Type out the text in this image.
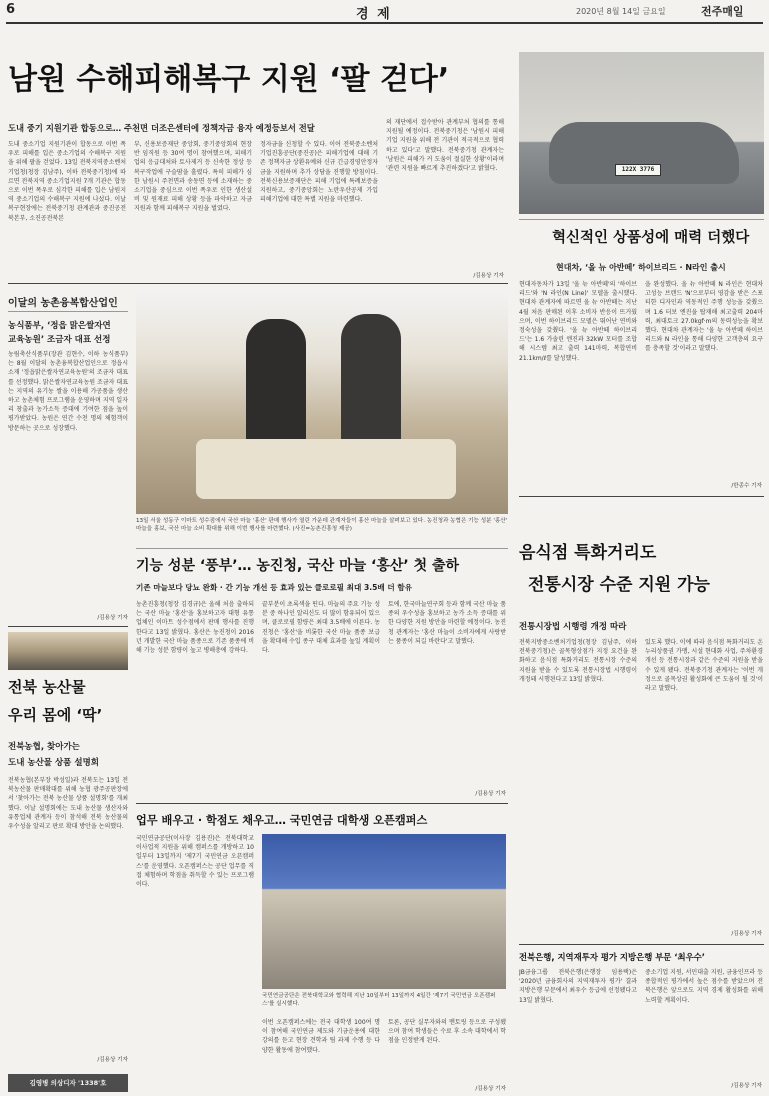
6	경 제	2020년 8월 14일 금요일	전주매일
남원 수해피해복구 지원 ‘팔 걷다’
도내 중기 지원기관 합동으로… 주천면 더조은센터에 정책자금 융자 예정등보서 전달

도내 중소기업 지원기관이 합동으로 이번 폭우로 피해를 입은 중소기업의 수해복구 지원을 위해 팔을 걷었다. 13일 전북지역중소벤처기업청(청장 김남주), 이하 전북중기청)에 따르면 전북지역 중소기업지원 7개 기관은 합동으로 이번 폭우로 심각한 피해를 입은 남원지역 중소기업의 수해복구 지원에 나섰다. 이날 복구현장에는 전북중기청 관계관과 중진공전북본부, 소진공전북본

부, 신용보증재단 중앙회, 중기중앙회의 현장반 임직원 등 30여 명이 참여했으며, 피해기업의 응급대처와 토사제거 등 신속한 정상 등 복구작업에 구슬땀을 흘렸다. 특히 피해가 심한 남원시 주천면과 송동면 등에 소재하는 중소기업을 중심으로 이번 폭우로 인한 생산설비 및 원재료 피해 상황 등을 파악하고 자금 지원과 함께 피해복구 지원을 벌였다.

정자금을 신청할 수 있다. 이어 전북중소벤처기업진흥공단(중진공)은 피해기업에 대해 기존 정책자금 상환유예와 신규 긴급경영안정자금을 지원하며 추가 상담을 진행할 방침이다. 전북신용보증재단은 피해 기업에 특례보증을 지원하고, 중기중앙회는 노란우산공제 가입 피해기업에 대한 특별 지원을 마련했다.

의 재단에서 접수받아 관계부처 협의를 통해 지원될 예정이다. 전북중기청은 '남원시 피해기업 지원을 위해 전 기관이 적극적으로 협력하고 있다'고 말했다. 전북중기청 관계자는 '남원은 피해가 커 도움이 절실한 상황'이라며 '관련 지원을 빠르게 추진하겠다'고 밝혔다.

/김용상 기자
122X 3776
혁신적인 상품성에 매력 더했다
현대차, ‘올 뉴 아반떼’ 하이브리드 · N라인 출시

현대자동차가 13일 '올 뉴 아반떼'의 '하이브리드'와 'N 라인(N Line)' 모델을 출시했다. 현대차 관계자에 따르면 올 뉴 아반떼는 지난 4월 처음 판매된 이후 소비자 반응이 뜨거웠으며, 이번 하이브리드 모델은 뛰어난 연비와 정숙성을 갖췄다. '올 뉴 아반떼 하이브리드'는 1.6 가솔린 엔진과 32kW 모터를 조합해 시스템 최고 출력 141마력, 복합연비 21.1km/ℓ를 달성했다.

을 완성했다. 올 뉴 아반떼 N 라인은 현대차 고성능 브랜드 'N'으로부터 영감을 받은 스포티한 디자인과 역동적인 주행 성능을 갖췄으며 1.6 터보 엔진을 탑재해 최고출력 204마력, 최대토크 27.0kgf·m의 동력성능을 확보했다. 현대차 관계자는 '올 뉴 아반떼 하이브리드와 N 라인을 통해 다양한 고객층의 요구를 충족할 것'이라고 말했다.

/한종수 기자
이달의 농촌융복합산업인
농식품부, ‘정읍 맑은쌀자연
교육농원’ 조금자 대표 선정

농림축산식품부(장관 김현수, 이하 농식품부)는 8월 이달의 농촌융복합산업인으로 정읍시 소재 '정읍맑은쌀자연교육농원'의 조금자 대표를 선정했다. 맑은쌀자연교육농원 조금자 대표는 지역의 유기농 쌀을 이용해 가공품을 생산하고 농촌체험 프로그램을 운영하며 지역 일자리 창출과 농가소득 증대에 기여한 점을 높이 평가받았다. 농원은 연간 수천 명의 체험객이 방문하는 곳으로 성장했다.

/김용상 기자
13일 서울 성동구 이마트 성수점에서 국산 마늘 '홍산' 판매 행사가 열린 가운데 관계자들이 홍산 마늘을 살펴보고 있다. 농진청과 농협은 기능 성분 '홍산' 마늘을 홍보, 국산 마늘 소비 확대를 위해 이번 행사를 마련했다. (사진=농촌진흥청 제공)
기능 성분 ‘풍부’… 농진청, 국산 마늘 ‘홍산’ 첫 출하
기존 마늘보다 당뇨 완화 · 간 기능 개선 등 효과 있는 클로로필 최대 3.5배 더 함유

농촌진흥청(청장 김경규)은 올해 처음 출하되는 국산 마늘 '홍산'을 홍보하고자 대형 유통업체인 이마트 성수점에서 판매 행사를 진행한다고 13일 밝혔다. 홍산은 농진청이 2016년 개발한 국산 마늘 품종으로 기존 품종에 비해 기능 성분 함량이 높고 병해충에 강하다.

끝부분이 초록색을 띤다. 마늘의 주요 기능 성분 중 하나인 알리신도 더 많이 함유되어 있으며, 클로로필 함량은 최대 3.5배에 이른다. 농진청은 '홍산'을 비롯한 국산 마늘 품종 보급을 확대해 수입 종구 대체 효과를 높일 계획이다.

토에, 한국마늘연구회 등과 함께 국산 마늘 품종의 우수성을 홍보하고 농가 소득 증대를 위한 다양한 지원 방안을 마련할 예정이다. 농진청 관계자는 '홍산 마늘이 소비자에게 사랑받는 품종이 되길 바란다'고 말했다.

/김용상 기자
전북 농산물
우리 몸에 ‘딱’
전북농협, 찾아가는
도내 농산물 상품 설명회

전북농협(본부장 박성일)과 전북도는 13일 전북농산물 판매확대를 위해 농협 광주공판장에서 '찾아가는 전북 농산물 상품 설명회'를 개최했다. 이날 설명회에는 도내 농산물 생산자와 유통업체 관계자 등이 참석해 전북 농산물의 우수성을 알리고 판로 확대 방안을 논의했다.

/김용상 기자
김영병 의상디자 '1338'호
업무 배우고 · 학점도 채우고… 국민연금 대학생 오픈캠퍼스

국민연금공단(이사장 김용진)은 전북대학교 이사업적 지원을 위해 캠퍼스를 개방하고 10일부터 13일까지 '제7기 국민연금 오픈캠퍼스'를 운영했다. 오픈캠퍼스는 공단 업무를 직접 체험하며 학점을 취득할 수 있는 프로그램이다.

국민연금공단은 전북대학교와 협력해 지난 10일부터 13일까지 4일간 '제7기 국민연금 오픈캠퍼스'를 실시했다.

이번 오픈캠퍼스에는 전국 대학생 100여 명이 참여해 국민연금 제도와 기금운용에 대한 강의를 듣고 현장 견학과 팀 과제 수행 등 다양한 활동에 참여했다.

토론, 공단 실무자와의 멘토링 등으로 구성됐으며 참여 학생들은 수료 후 소속 대학에서 학점을 인정받게 된다.

/김용상 기자
음식점 특화거리도
전통시장 수준 지원 가능
전통시장법 시행령 개정 따라

전북지방중소벤처기업청(청장 김남주, 이하 전북중기청)은 골목형상점가 지정 요건을 완화하고 음식점 특화거리도 전통시장 수준의 지원을 받을 수 있도록 전통시장법 시행령이 개정돼 시행된다고 13일 밝혔다.

있도록 했다. 이에 따라 음식점 특화거리도 온누리상품권 가맹, 시설 현대화 사업, 주차환경 개선 등 전통시장과 같은 수준의 지원을 받을 수 있게 됐다. 전북중기청 관계자는 '이번 개정으로 골목상권 활성화에 큰 도움이 될 것'이라고 말했다.

/김용상 기자
전북은행, 지역재투자 평가 지방은행 부문 ‘최우수’

JB금융그룹 전북은행(은행장 임용택)은 '2020년 금융회사의 지역재투자 평가' 결과 지방은행 부문에서 최우수 등급에 선정됐다고 13일 밝혔다.

중소기업 지원, 서민대출 지원, 금융인프라 등 종합적인 평가에서 높은 점수를 받았으며 전북은행은 앞으로도 지역 경제 활성화를 위해 노력할 계획이다.

/김용상 기자
